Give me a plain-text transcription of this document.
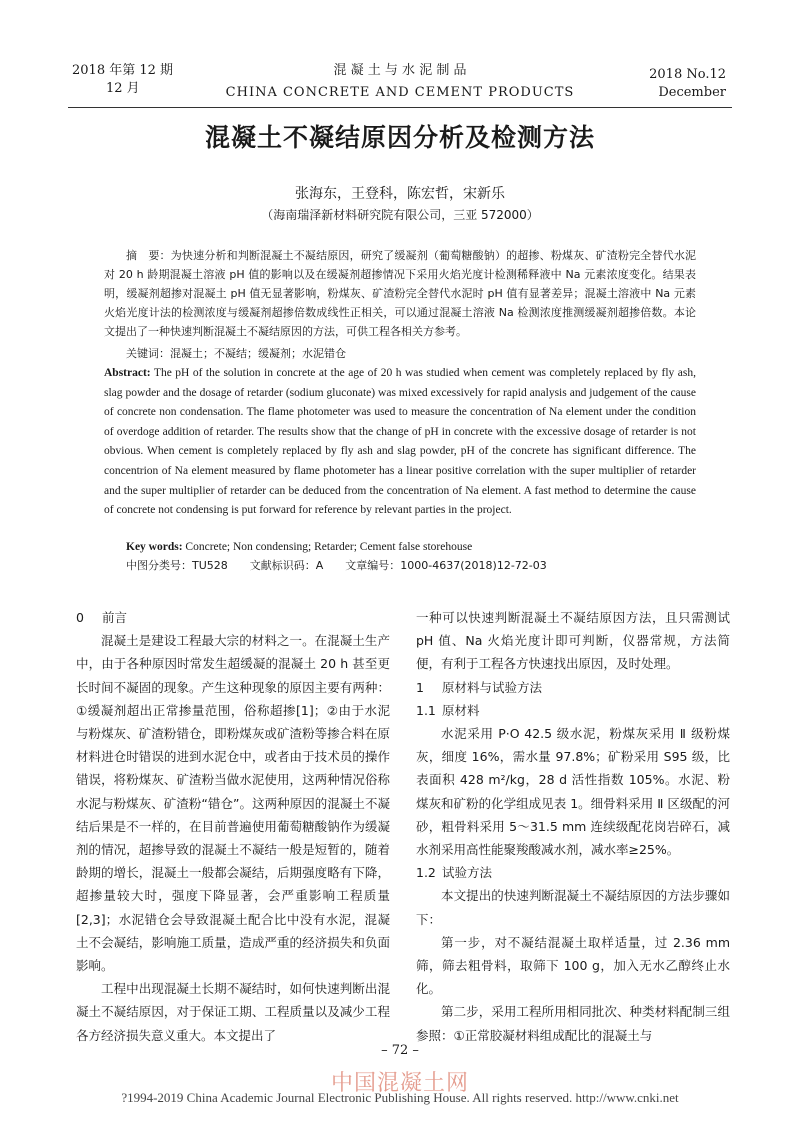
2018 年第 12 期
12 月
混 凝 土 与 水 泥 制 品
CHINA CONCRETE AND CEMENT PRODUCTS
2018 No.12
December
混凝土不凝结原因分析及检测方法
张海东，王登科，陈宏哲，宋新乐
（海南瑞泽新材料研究院有限公司，三亚 572000）
摘　要：为快速分析和判断混凝土不凝结原因，研究了缓凝剂（葡萄糖酸钠）的超掺、粉煤灰、矿渣粉完全替代水泥对 20 h 龄期混凝土溶液 pH 值的影响以及在缓凝剂超掺情况下采用火焰光度计检测稀释液中 Na 元素浓度变化。结果表明，缓凝剂超掺对混凝土 pH 值无显著影响，粉煤灰、矿渣粉完全替代水泥时 pH 值有显著差异；混凝土溶液中 Na 元素火焰光度计法的检测浓度与缓凝剂超掺倍数成线性正相关，可以通过混凝土溶液 Na 检测浓度推测缓凝剂超掺倍数。本论文提出了一种快速判断混凝土不凝结原因的方法，可供工程各相关方参考。
关键词：混凝土；不凝结；缓凝剂；水泥错仓
Abstract: The pH of the solution in concrete at the age of 20 h was studied when cement was completely replaced by fly ash, slag powder and the dosage of retarder (sodium gluconate) was mixed excessively for rapid analysis and judgement of the cause of concrete non condensation. The flame photometer was used to measure the concentration of Na element under the condition of overdoge addition of retarder. The results show that the change of pH in concrete with the excessive dosage of retarder is not obvious. When cement is completely replaced by fly ash and slag powder, pH of the concrete has significant difference. The concentrion of Na element measured by flame photometer has a linear positive correlation with the super multiplier of retarder and the super multiplier of retarder can be deduced from the concentration of Na element. A fast method to determine the cause of concrete not condensing is put forward for reference by relevant parties in the project.
Key words: Concrete; Non condensing; Retarder; Cement false storehouse
中图分类号：TU528　　文献标识码：A　　文章编号：1000-4637(2018)12-72-03
0 前言

混凝土是建设工程最大宗的材料之一。在混凝土生产中，由于各种原因时常发生超缓凝的混凝土 20 h 甚至更长时间不凝固的现象。产生这种现象的原因主要有两种：①缓凝剂超出正常掺量范围，俗称超掺[1]；②由于水泥与粉煤灰、矿渣粉错仓，即粉煤灰或矿渣粉等掺合料在原材料进仓时错误的进到水泥仓中，或者由于技术员的操作错误，将粉煤灰、矿渣粉当做水泥使用，这两种情况俗称水泥与粉煤灰、矿渣粉“错仓”。这两种原因的混凝土不凝结后果是不一样的，在目前普遍使用葡萄糖酸钠作为缓凝剂的情况，超掺导致的混凝土不凝结一般是短暂的，随着龄期的增长，混凝土一般都会凝结，后期强度略有下降，超掺量较大时，强度下降显著，会严重影响工程质量[2,3]；水泥错仓会导致混凝土配合比中没有水泥，混凝土不会凝结，影响施工质量，造成严重的经济损失和负面影响。

工程中出现混凝土长期不凝结时，如何快速判断出混凝土不凝结原因，对于保证工期、工程质量以及减少工程各方经济损失意义重大。本文提出了

一种可以快速判断混凝土不凝结原因方法，且只需测试 pH 值、Na 火焰光度计即可判断，仪器常规，方法简便，有利于工程各方快速找出原因，及时处理。

1 原材料与试验方法
1.1 原材料

水泥采用 P·O 42.5 级水泥，粉煤灰采用 Ⅱ 级粉煤灰，细度 16%，需水量 97.8%；矿粉采用 S95 级，比表面积 428 m²/kg，28 d 活性指数 105%。水泥、粉煤灰和矿粉的化学组成见表 1。细骨料采用 Ⅱ 区级配的河砂，粗骨料采用 5～31.5 mm 连续级配花岗岩碎石，减水剂采用高性能聚羧酸减水剂，减水率≥25%。

1.2 试验方法

本文提出的快速判断混凝土不凝结原因的方法步骤如下：

第一步，对不凝结混凝土取样适量，过 2.36 mm 筛，筛去粗骨料，取筛下 100 g，加入无水乙醇终止水化。

第二步，采用工程所用相同批次、种类材料配制三组参照：①正常胶凝材料组成配比的混凝土与

– 72 –
中国混凝土网
?1994-2019 China Academic Journal Electronic Publishing House. All rights reserved. http://www.cnki.net
